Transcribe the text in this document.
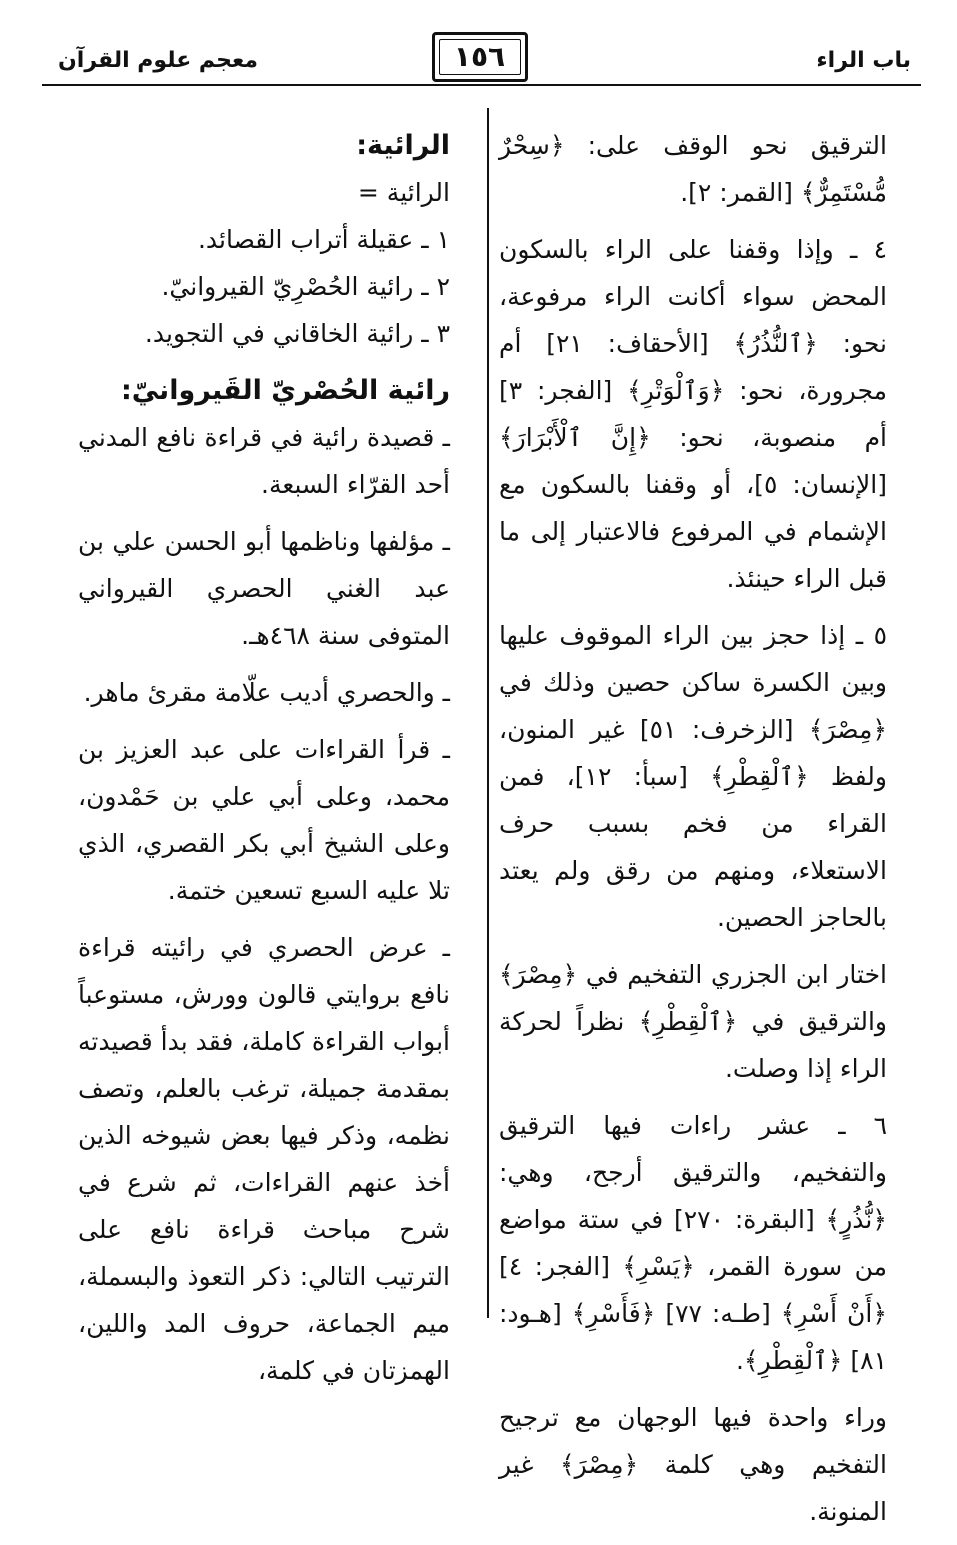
باب الراء
١٥٦
معجم علوم القرآن

الترقيق نحو الوقف على: ﴿سِحْرٌ مُّسْتَمِرٌّ﴾ [القمر: ٢].

٤ ـ وإذا وقفنا على الراء بالسكون المحض سواء أكانت الراء مرفوعة، نحو: ﴿ٱلنُّذُرُ﴾ [الأحقاف: ٢١] أم مجرورة، نحو: ﴿وَٱلْوَتْرِ﴾ [الفجر: ٣] أم منصوبة، نحو: ﴿إِنَّ ٱلْأَبْرَارَ﴾ [الإنسان: ٥]، أو وقفنا بالسكون مع الإشمام في المرفوع فالاعتبار إلى ما قبل الراء حينئذ.

٥ ـ إذا حجز بين الراء الموقوف عليها وبين الكسرة ساكن حصين وذلك في ﴿مِصْرَ﴾ [الزخرف: ٥١] غير المنون، ولفظ ﴿ٱلْقِطْرِ﴾ [سبأ: ١٢]، فمن القراء من فخم بسبب حرف الاستعلاء، ومنهم من رقق ولم يعتد بالحاجز الحصين.

اختار ابن الجزري التفخيم في ﴿مِصْرَ﴾ والترقيق في ﴿ٱلْقِطْرِ﴾ نظراً لحركة الراء إذا وصلت.

٦ ـ عشر راءات فيها الترقيق والتفخيم، والترقيق أرجح، وهي: ﴿نُّذُرٍ﴾ [البقرة: ٢٧٠] في ستة مواضع من سورة القمر، ﴿يَسْرِ﴾ [الفجر: ٤] ﴿أَنْ أَسْرِ﴾ [طـه: ٧٧] ﴿فَأَسْرِ﴾ [هـود: ٨١] ﴿ٱلْقِطْرِ﴾.

وراء واحدة فيها الوجهان مع ترجيح التفخيم وهي كلمة ﴿مِصْرَ﴾ غير المنونة.

الرائية:

الرائية =

١ ـ عقيلة أتراب القصائد.

٢ ـ رائية الحُصْرِيّ القيروانيّ.

٣ ـ رائية الخاقاني في التجويد.

رائية الحُصْريّ القَيروانيّ:

ـ قصيدة رائية في قراءة نافع المدني أحد القرّاء السبعة.

ـ مؤلفها وناظمها أبو الحسن علي بن عبد الغني الحصري القيرواني المتوفى سنة ٤٦٨هـ.

ـ والحصري أديب علّامة مقرئ ماهر.

ـ قرأ القراءات على عبد العزيز بن محمد، وعلى أبي علي بن حَمْدون، وعلى الشيخ أبي بكر القصري، الذي تلا عليه السبع تسعين ختمة.

ـ عرض الحصري في رائيته قراءة نافع بروايتي قالون وورش، مستوعباً أبواب القراءة كاملة، فقد بدأ قصيدته بمقدمة جميلة، ترغب بالعلم، وتصف نظمه، وذكر فيها بعض شيوخه الذين أخذ عنهم القراءات، ثم شرع في شرح مباحث قراءة نافع على الترتيب التالي: ذكر التعوذ والبسملة، ميم الجماعة، حروف المد واللين، الهمزتان في كلمة،
